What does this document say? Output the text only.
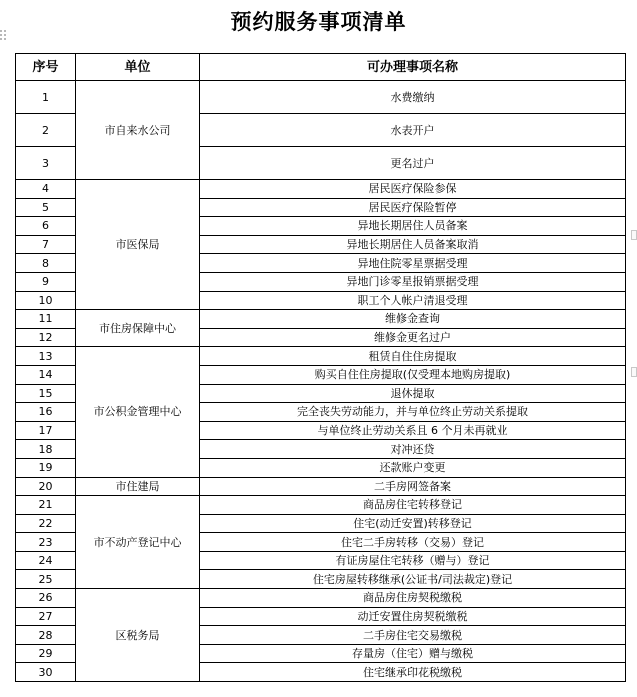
预约服务事项清单
序号	单位	可办理事项名称
1	市自来水公司	水费缴纳
2		水表开户
3		更名过户
4	市医保局	居民医疗保险参保
5		居民医疗保险暂停
6		异地长期居住人员备案
7		异地长期居住人员备案取消
8		异地住院零星票据受理
9		异地门诊零星报销票据受理
10		职工个人帐户清退受理
11	市住房保障中心	维修金查询
12		维修金更名过户
13	市公积金管理中心	租赁自住住房提取
14		购买自住住房提取(仅受理本地购房提取)
15		退休提取
16		完全丧失劳动能力，并与单位终止劳动关系提取
17		与单位终止劳动关系且 6 个月未再就业
18		对冲还贷
19		还款账户变更
20	市住建局	二手房网签备案
21	市不动产登记中心	商品房住宅转移登记
22		住宅(动迁安置)转移登记
23		住宅二手房转移（交易）登记
24		有证房屋住宅转移（赠与）登记
25		住宅房屋转移继承(公证书/司法裁定)登记
26	区税务局	商品房住房契税缴税
27		动迁安置住房契税缴税
28		二手房住宅交易缴税
29		存量房（住宅）赠与缴税
30		住宅继承印花税缴税
